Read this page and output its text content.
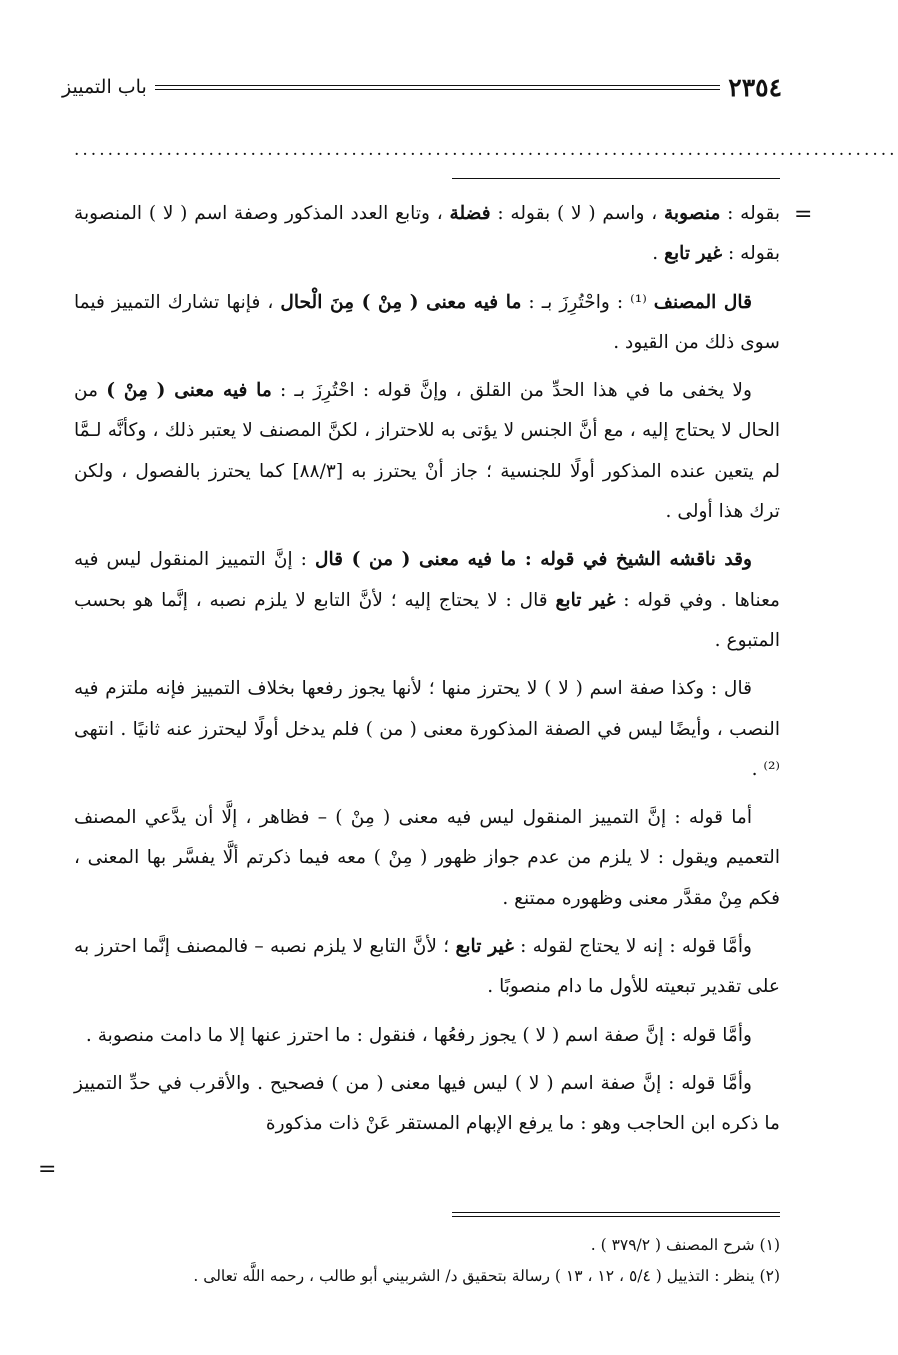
٢٣٥٤
باب التمييز
..................................................................................................
=

بقوله : منصوبة ، واسم ( لا ) بقوله : فضلة ، وتابع العدد المذكور وصفة اسم ( لا ) المنصوبة بقوله : غير تابع .

قال المصنف ⁽¹⁾ : واحْتُرِزَ بـ : ما فيه معنى ( مِنْ ) مِنَ الْحال ، فإنها تشارك التمييز فيما سوى ذلك من القيود .

ولا يخفى ما في هذا الحدِّ من القلق ، وإنَّ قوله : احْتُرِزَ بـ : ما فيه معنى ( مِنْ ) من الحال لا يحتاج إليه ، مع أنَّ الجنس لا يؤتى به للاحتراز ، لكنَّ المصنف لا يعتبر ذلك ، وكأنَّه لـمَّا لم يتعين عنده المذكور أولًا للجنسية ؛ جاز أنْ يحترز به [٨٨/٣] كما يحترز بالفصول ، ولكن ترك هذا أولى .

وقد ناقشه الشيخ في قوله : ما فيه معنى ( من ) قال : إنَّ التمييز المنقول ليس فيه معناها . وفي قوله : غير تابع قال : لا يحتاج إليه ؛ لأنَّ التابع لا يلزم نصبه ، إنَّما هو بحسب المتبوع .

قال : وكذا صفة اسم ( لا ) لا يحترز منها ؛ لأنها يجوز رفعها بخلاف التمييز فإنه ملتزم فيه النصب ، وأيضًا ليس في الصفة المذكورة معنى ( من ) فلم يدخل أولًا ليحترز عنه ثانيًا . انتهى ⁽²⁾ .

أما قوله : إنَّ التمييز المنقول ليس فيه معنى ( مِنْ ) – فظاهر ، إلَّا أن يدَّعي المصنف التعميم ويقول : لا يلزم من عدم جواز ظهور ( مِنْ ) معه فيما ذكرتم ألَّا يفسَّر بها المعنى ، فكم مِنْ مقدَّر معنى وظهوره ممتنع .

وأمَّا قوله : إنه لا يحتاج لقوله : غير تابع ؛ لأنَّ التابع لا يلزم نصبه – فالمصنف إنَّما احترز به على تقدير تبعيته للأول ما دام منصوبًا .

وأمَّا قوله : إنَّ صفة اسم ( لا ) يجوز رفعُها ، فنقول : ما احترز عنها إلا ما دامت منصوبة .

وأمَّا قوله : إنَّ صفة اسم ( لا ) ليس فيها معنى ( من ) فصحيح . والأقرب في حدِّ التمييز ما ذكره ابن الحاجب وهو : ما يرفع الإبهام المستقر عَنْ ذات مذكورة

=
(١) شرح المصنف ( ٣٧٩/٢ ) .
(٢) ينظر : التذييل ( ٥/٤ ، ١٢ ، ١٣ ) رسالة بتحقيق د/ الشربيني أبو طالب ، رحمه اللَّه تعالى .
